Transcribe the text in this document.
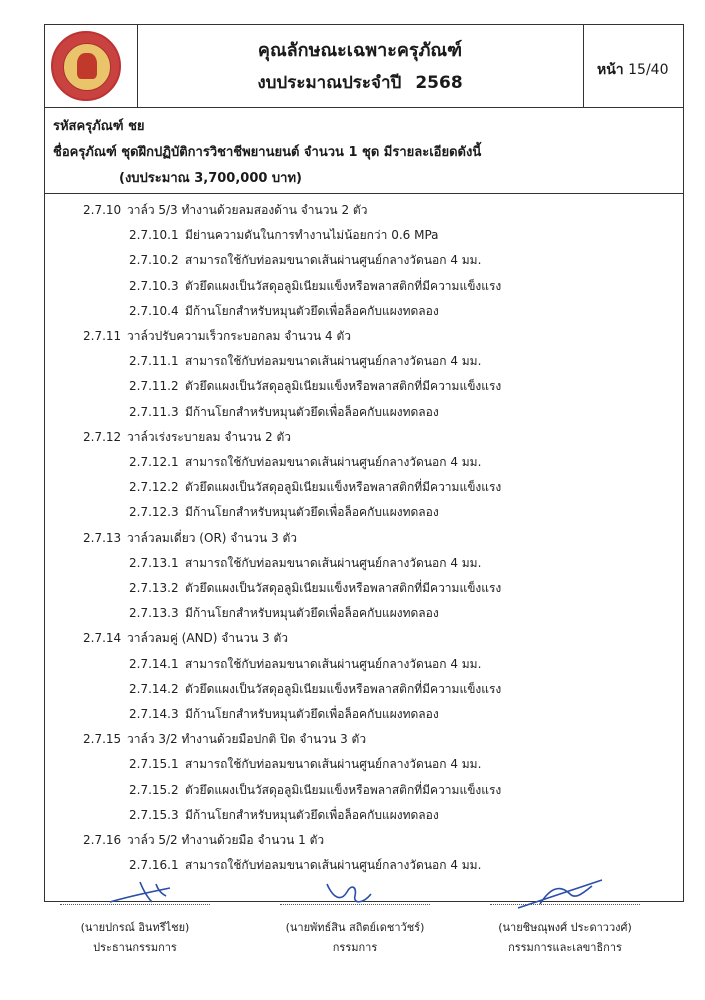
คุณลักษณะเฉพาะครุภัณฑ์
งบประมาณประจำปี 2568
หน้า 15/40
รหัสครุภัณฑ์ ชย
ชื่อครุภัณฑ์ ชุดฝึกปฏิบัติการวิชาชีพยานยนต์ จำนวน 1 ชุด มีรายละเอียดดังนี้
(งบประมาณ 3,700,000 บาท)
2.7.10 วาล์ว 5/3 ทำงานด้วยลมสองด้าน จำนวน 2 ตัว
2.7.10.1 มีย่านความดันในการทำงานไม่น้อยกว่า 0.6 MPa
2.7.10.2 สามารถใช้กับท่อลมขนาดเส้นผ่านศูนย์กลางวัดนอก 4 มม.
2.7.10.3 ตัวยึดแผงเป็นวัสดุอลูมิเนียมแข็งหรือพลาสติกที่มีความแข็งแรง
2.7.10.4 มีก้านโยกสำหรับหมุนตัวยึดเพื่อล็อคกับแผงทดลอง
2.7.11 วาล์วปรับความเร็วกระบอกลม จำนวน 4 ตัว
2.7.11.1 สามารถใช้กับท่อลมขนาดเส้นผ่านศูนย์กลางวัดนอก 4 มม.
2.7.11.2 ตัวยึดแผงเป็นวัสดุอลูมิเนียมแข็งหรือพลาสติกที่มีความแข็งแรง
2.7.11.3 มีก้านโยกสำหรับหมุนตัวยึดเพื่อล็อคกับแผงทดลอง
2.7.12 วาล์วเร่งระบายลม จำนวน 2 ตัว
2.7.12.1 สามารถใช้กับท่อลมขนาดเส้นผ่านศูนย์กลางวัดนอก 4 มม.
2.7.12.2 ตัวยึดแผงเป็นวัสดุอลูมิเนียมแข็งหรือพลาสติกที่มีความแข็งแรง
2.7.12.3 มีก้านโยกสำหรับหมุนตัวยึดเพื่อล็อคกับแผงทดลอง
2.7.13 วาล์วลมเดี่ยว (OR) จำนวน 3 ตัว
2.7.13.1 สามารถใช้กับท่อลมขนาดเส้นผ่านศูนย์กลางวัดนอก 4 มม.
2.7.13.2 ตัวยึดแผงเป็นวัสดุอลูมิเนียมแข็งหรือพลาสติกที่มีความแข็งแรง
2.7.13.3 มีก้านโยกสำหรับหมุนตัวยึดเพื่อล็อคกับแผงทดลอง
2.7.14 วาล์วลมคู่ (AND) จำนวน 3 ตัว
2.7.14.1 สามารถใช้กับท่อลมขนาดเส้นผ่านศูนย์กลางวัดนอก 4 มม.
2.7.14.2 ตัวยึดแผงเป็นวัสดุอลูมิเนียมแข็งหรือพลาสติกที่มีความแข็งแรง
2.7.14.3 มีก้านโยกสำหรับหมุนตัวยึดเพื่อล็อคกับแผงทดลอง
2.7.15 วาล์ว 3/2 ทำงานด้วยมือปกติ ปิด จำนวน 3 ตัว
2.7.15.1 สามารถใช้กับท่อลมขนาดเส้นผ่านศูนย์กลางวัดนอก 4 มม.
2.7.15.2 ตัวยึดแผงเป็นวัสดุอลูมิเนียมแข็งหรือพลาสติกที่มีความแข็งแรง
2.7.15.3 มีก้านโยกสำหรับหมุนตัวยึดเพื่อล็อคกับแผงทดลอง
2.7.16 วาล์ว 5/2 ทำงานด้วยมือ จำนวน 1 ตัว
2.7.16.1 สามารถใช้กับท่อลมขนาดเส้นผ่านศูนย์กลางวัดนอก 4 มม.
(นายปกรณ์ อินทรีไชย)
ประธานกรรมการ
(นายพัทธ์สิน สถิตย์เดชาวัชร์)
กรรมการ
(นายชิษณุพงศ์ ประดาววงศ์)
กรรมการและเลขาธิการ
